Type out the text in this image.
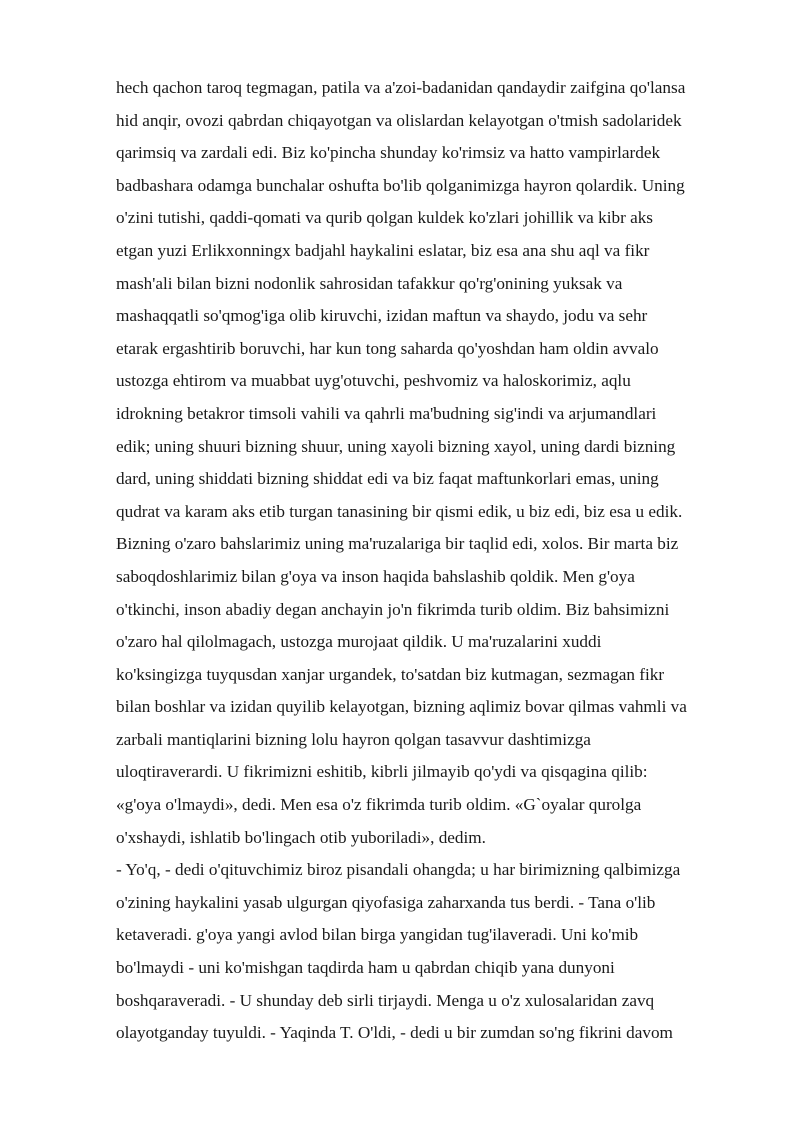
hech qachon taroq tegmagan, patila va a'zoi-badanidan qandaydir zaifgina qo'lansa
hid anqir, ovozi qabrdan chiqayotgan va olislardan kelayotgan o'tmish sadolaridek
qarimsiq va zardali edi. Biz ko'pincha shunday ko'rimsiz va hatto vampirlardek
badbashara odamga bunchalar oshufta bo'lib qolganimizga hayron qolardik. Uning
o'zini tutishi, qaddi-qomati va qurib qolgan kuldek ko'zlari johillik va kibr aks
etgan yuzi Erlikxonningx badjahl haykalini eslatar, biz esa ana shu aql va fikr
mash'ali bilan bizni nodonlik sahrosidan tafakkur qo'rg'onining yuksak va
mashaqqatli so'qmog'iga olib kiruvchi, izidan maftun va shaydo, jodu va sehr
etarak ergashtirib boruvchi, har kun tong saharda qo'yoshdan ham oldin avvalo
ustozga ehtirom va muabbat uyg'otuvchi, peshvomiz va haloskorimiz, aqlu
idrokning betakror timsoli vahili va qahrli ma'budning sig'indi va arjumandlari
edik; uning shuuri bizning shuur, uning xayoli bizning xayol, uning dardi bizning
dard, uning shiddati bizning shiddat edi va biz faqat maftunkorlari emas, uning
qudrat va karam aks etib turgan tanasining bir qismi edik, u biz edi, biz esa u edik.
Bizning o'zaro bahslarimiz uning ma'ruzalariga bir taqlid edi, xolos. Bir marta biz
saboqdoshlarimiz bilan g'oya va inson haqida bahslashib qoldik. Men g'oya
o'tkinchi, inson abadiy degan anchayin jo'n fikrimda turib oldim. Biz bahsimizni
o'zaro hal qilolmagach, ustozga murojaat qildik. U ma'ruzalarini xuddi
ko'ksingizga tuyqusdan xanjar urgandek, to'satdan biz kutmagan, sezmagan fikr
bilan boshlar va izidan quyilib kelayotgan, bizning aqlimiz bovar qilmas vahmli va
zarbali mantiqlarini bizning lolu hayron qolgan tasavvur dashtimizga
uloqtiraverardi. U fikrimizni eshitib, kibrli jilmayib qo'ydi va qisqagina qilib:
«g'oya o'lmaydi», dedi. Men esa o'z fikrimda turib oldim. «G`oyalar qurolga
o'xshaydi, ishlatib bo'lingach otib yuboriladi», dedim.
- Yo'q, - dedi o'qituvchimiz biroz pisandali ohangda; u har birimizning qalbimizga
o'zining haykalini yasab ulgurgan qiyofasiga zaharxanda tus berdi. - Tana o'lib
ketaveradi. g'oya yangi avlod bilan birga yangidan tug'ilaveradi. Uni ko'mib
bo'lmaydi - uni ko'mishgan taqdirda ham u qabrdan chiqib yana dunyoni
boshqaraveradi. - U shunday deb sirli tirjaydi. Menga u o'z xulosalaridan zavq
olayotganday tuyuldi. - Yaqinda T. O'ldi, - dedi u bir zumdan so'ng fikrini davom
